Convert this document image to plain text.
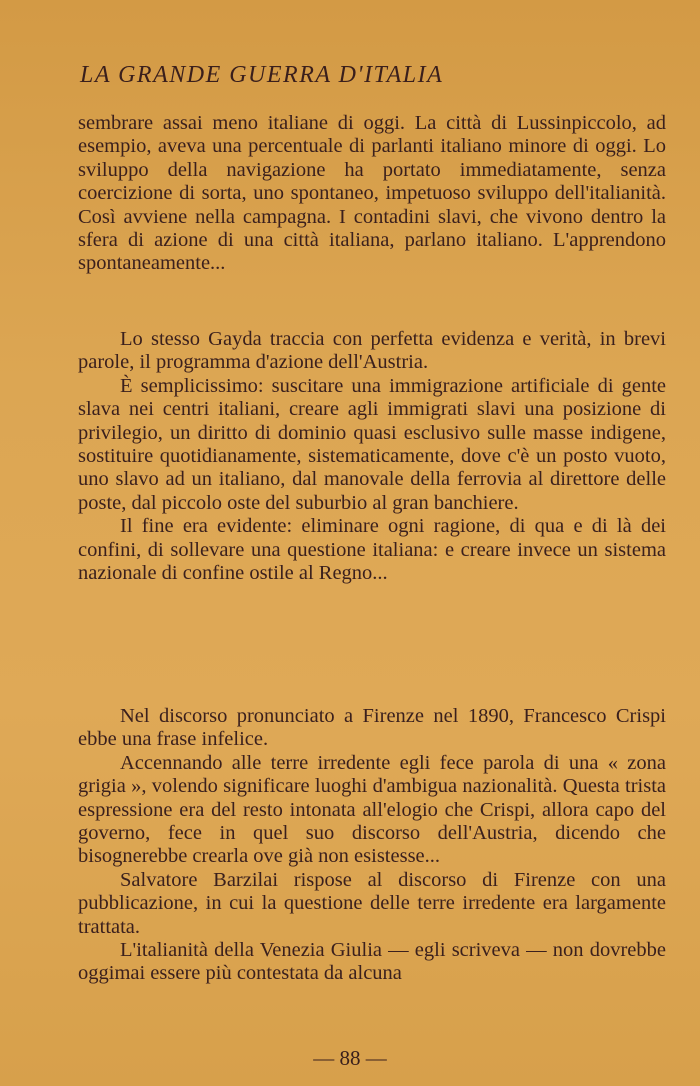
LA GRANDE GUERRA D'ITALIA

sembrare assai meno italiane di oggi. La città di Lussinpiccolo, ad esempio, aveva una percentuale di parlanti italiano minore di oggi. Lo sviluppo della navigazione ha portato immediatamente, senza coercizione di sorta, uno spontaneo, impetuoso sviluppo dell'italianità. Così avviene nella campagna. I contadini slavi, che vivono dentro la sfera di azione di una città italiana, parlano italiano. L'apprendono spontaneamente...

Lo stesso Gayda traccia con perfetta evidenza e verità, in brevi parole, il programma d'azione dell'Austria.

È semplicissimo: suscitare una immigrazione artificiale di gente slava nei centri italiani, creare agli immigrati slavi una posizione di privilegio, un diritto di dominio quasi esclusivo sulle masse indigene, sostituire quotidianamente, sistematicamente, dove c'è un posto vuoto, uno slavo ad un italiano, dal manovale della ferrovia al direttore delle poste, dal piccolo oste del suburbio al gran banchiere.

Il fine era evidente: eliminare ogni ragione, di qua e di là dei confini, di sollevare una questione italiana: e creare invece un sistema nazionale di confine ostile al Regno...

Nel discorso pronunciato a Firenze nel 1890, Francesco Crispi ebbe una frase infelice.

Accennando alle terre irredente egli fece parola di una « zona grigia », volendo significare luoghi d'ambigua nazionalità. Questa trista espressione era del resto intonata all'elogio che Crispi, allora capo del governo, fece in quel suo discorso dell'Austria, dicendo che bisognerebbe crearla ove già non esistesse...

Salvatore Barzilai rispose al discorso di Firenze con una pubblicazione, in cui la questione delle terre irredente era largamente trattata.

L'italianità della Venezia Giulia — egli scriveva — non dovrebbe oggimai essere più contestata da alcuna

— 88 —
